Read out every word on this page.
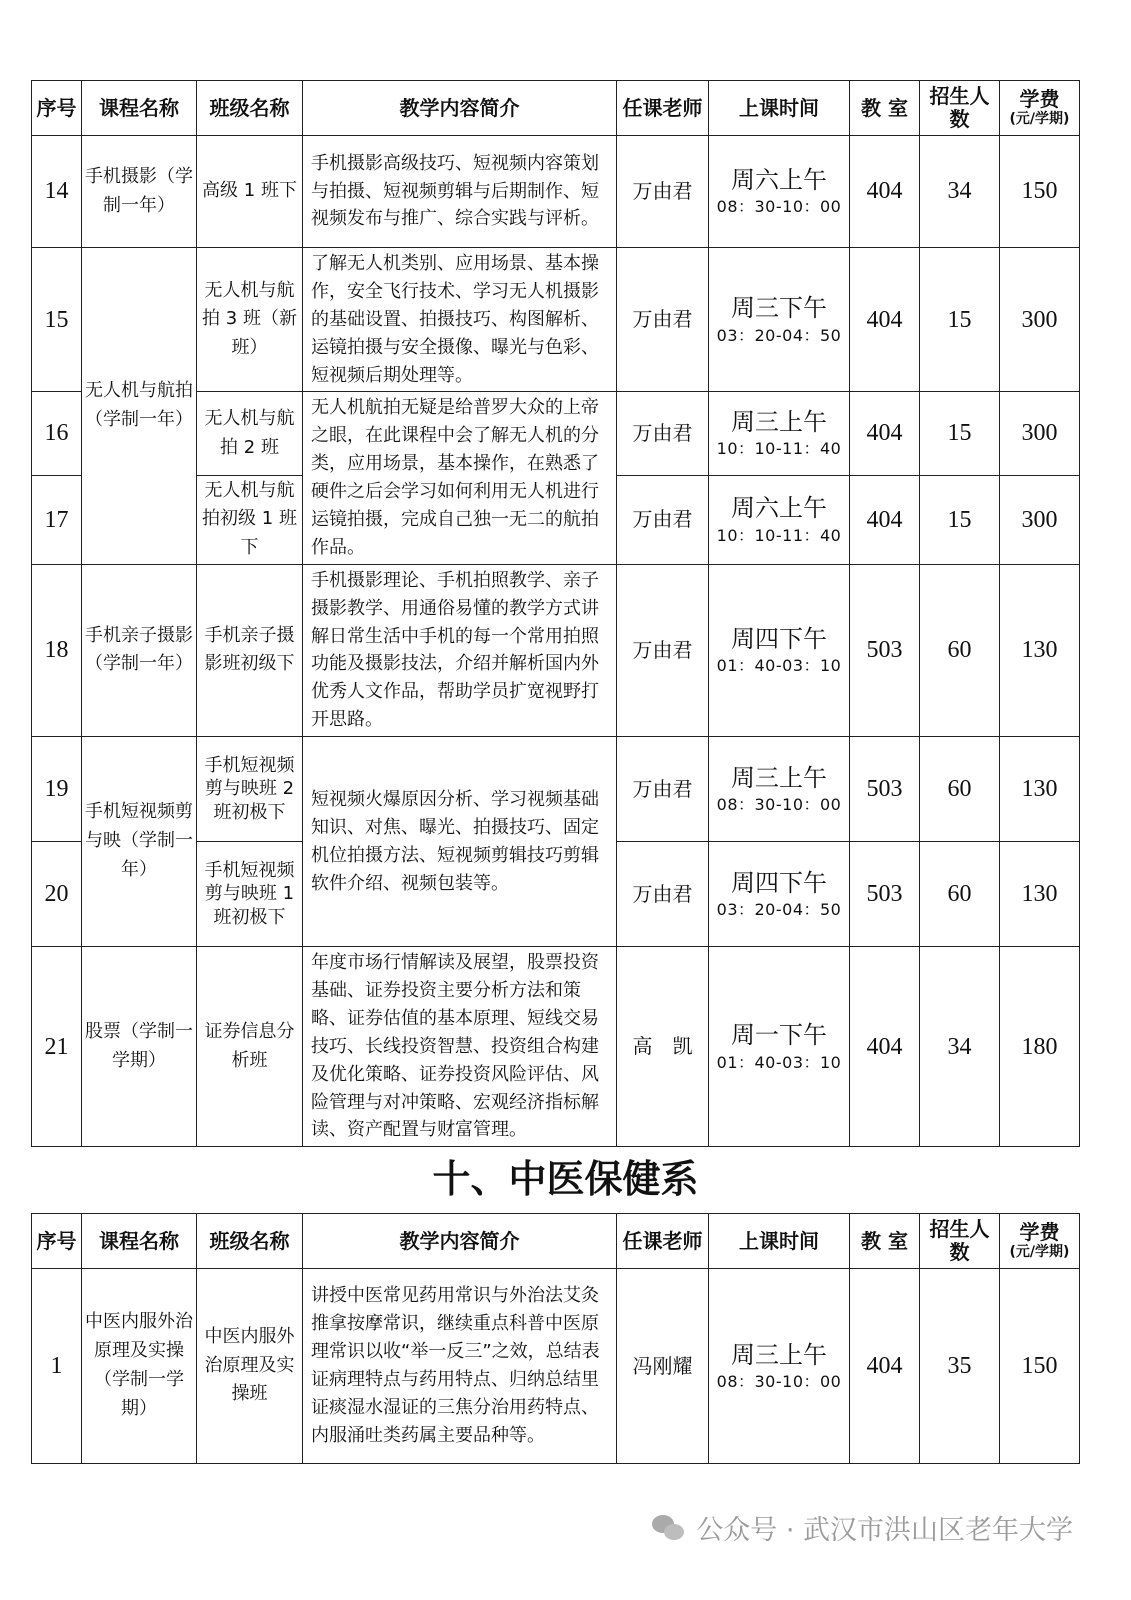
序号	课程名称	班级名称	教学内容简介	任课老师	上课时间	教 室	招生人数	学费
(元/学期)

14	手机摄影（学制一年）	高级 1 班下	手机摄影高级技巧、短视频内容策划与拍摄、短视频剪辑与后期制作、短视频发布与推广、综合实践与评析。	万由君	周六上午
08：30-10：00	404	34	150
15	无人机与航拍（学制一年）	无人机与航拍 3 班（新班）	了解无人机类别、应用场景、基本操作，安全飞行技术、学习无人机摄影的基础设置、拍摄技巧、构图解析、运镜拍摄与安全摄像、曝光与色彩、短视频后期处理等。	万由君	周三下午
03：20-04：50	404	15	300
16		无人机与航拍 2 班	无人机航拍无疑是给普罗大众的上帝之眼，在此课程中会了解无人机的分类，应用场景，基本操作，在熟悉了硬件之后会学习如何利用无人机进行运镜拍摄，完成自己独一无二的航拍作品。	万由君	周三上午
10：10-11：40	404	15	300
17		无人机与航拍初级 1 班下		万由君	周六上午
10：10-11：40	404	15	300
18	手机亲子摄影（学制一年）	手机亲子摄影班初级下	手机摄影理论、手机拍照教学、亲子摄影教学、用通俗易懂的教学方式讲解日常生活中手机的每一个常用拍照功能及摄影技法，介绍并解析国内外优秀人文作品，帮助学员扩宽视野打开思路。	万由君	周四下午
01：40-03：10	503	60	130
19	手机短视频剪与映（学制一年）	手机短视频剪与映班 2 班初极下	短视频火爆原因分析、学习视频基础知识、对焦、曝光、拍摄技巧、固定机位拍摄方法、短视频剪辑技巧剪辑软件介绍、视频包装等。	万由君	周三上午
08：30-10：00	503	60	130
20		手机短视频剪与映班 1 班初极下		万由君	周四下午
03：20-04：50	503	60	130
21	股票（学制一学期）	证券信息分析班	年度市场行情解读及展望，股票投资基础、证券投资主要分析方法和策略、证券估值的基本原理、短线交易技巧、长线投资智慧、投资组合构建及优化策略、证券投资风险评估、风险管理与对冲策略、宏观经济指标解读、资产配置与财富管理。	高　凯	周一下午
01：40-03：10	404	34	180
十、中医保健系
序号	课程名称	班级名称	教学内容简介	任课老师	上课时间	教 室	招生人数	学费
(元/学期)

1	中医内服外治原理及实操（学制一学期）	中医内服外治原理及实操班	讲授中医常见药用常识与外治法艾灸推拿按摩常识，继续重点科普中医原理常识以收“举一反三”之效，总结表证病理特点与药用特点、归纳总结里证痰湿水湿证的三焦分治用药特点、内服涌吐类药属主要品种等。	冯刚耀	周三上午
08：30-10：00	404	35	150
公众号 · 武汉市洪山区老年大学
